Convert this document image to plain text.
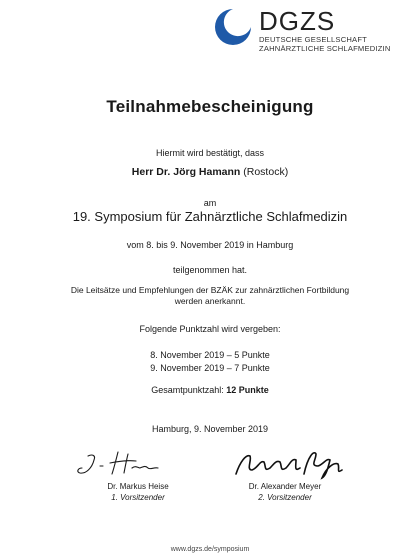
DGZS
DEUTSCHE GESELLSCHAFT
ZAHNÄRZTLICHE SCHLAFMEDIZIN
Teilnahmebescheinigung
Hiermit wird bestätigt, dass
Herr Dr. Jörg Hamann (Rostock)
am
19. Symposium für Zahnärztliche Schlafmedizin
vom 8. bis 9. November 2019 in Hamburg
teilgenommen hat.
Die Leitsätze und Empfehlungen der BZÄK zur zahnärztlichen Fortbildung werden anerkannt.
Folgende Punktzahl wird vergeben:
8. November 2019 – 5 Punkte
9. November 2019 – 7 Punkte
Gesamtpunktzahl: 12 Punkte
Hamburg, 9. November 2019
Dr. Markus Heise
1. Vorsitzender
Dr. Alexander Meyer
2. Vorsitzender
www.dgzs.de/symposium
